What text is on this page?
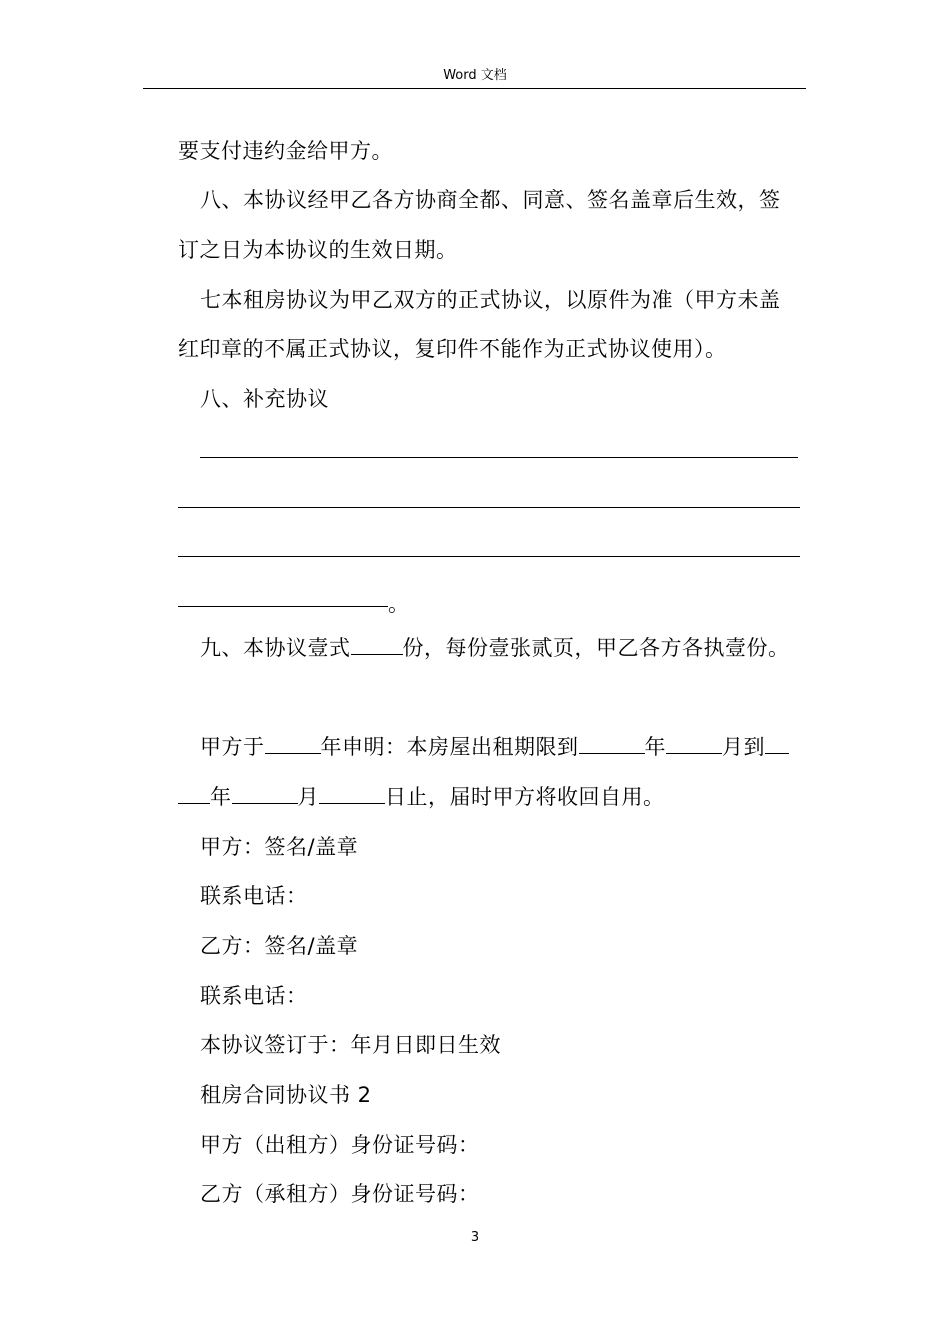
Word 文档
要支付违约金给甲方。
八、本协议经甲乙各方协商全都、同意、签名盖章后生效，签
订之日为本协议的生效日期。
七本租房协议为甲乙双方的正式协议，以原件为准（甲方未盖
红印章的不属正式协议，复印件不能作为正式协议使用）。
八、补充协议
。
九、本协议壹式 份，每份壹张贰页，甲乙各方各执壹份。
甲方于	年申明：本房屋出租期限到	年	月到
年	月	日止，届时甲方将收回自用。
甲方：签名/盖章
联系电话：
乙方：签名/盖章
联系电话：
本协议签订于：年月日即日生效
租房合同协议书 2
甲方（出租方）身份证号码：
乙方（承租方）身份证号码：
3
